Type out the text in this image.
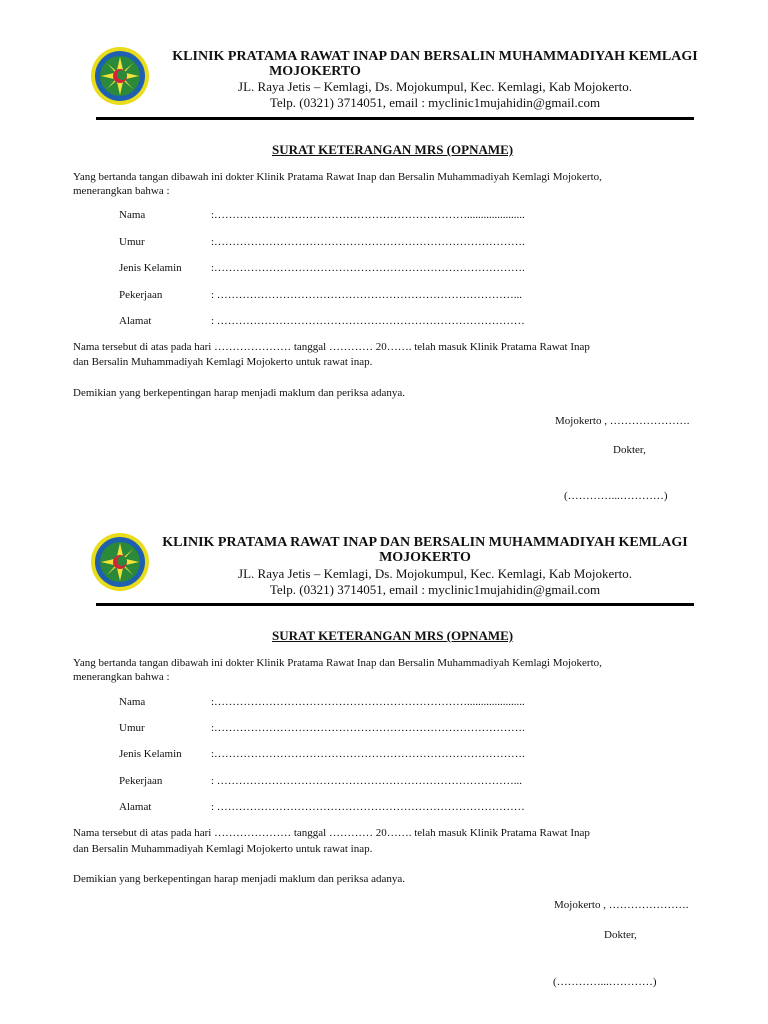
KLINIK PRATAMA RAWAT INAP DAN BERSALIN MUHAMMADIYAH KEMLAGI
MOJOKERTO
JL. Raya Jetis – Kemlagi, Ds. Mojokumpul, Kec. Kemlagi, Kab Mojokerto.
Telp. (0321) 3714051, email : myclinic1mujahidin@gmail.com
SURAT KETERANGAN MRS (OPNAME)
Yang bertanda tangan dibawah ini dokter Klinik Pratama Rawat Inap dan Bersalin Muhammadiyah Kemlagi Mojokerto,
menerangkan bahwa :
Nama	:…………………………………………………………….....................
Umur	:………………………………………………………………………….
Jenis Kelamin	:………………………………………………………………………….
Pekerjaan	: ………………………………………………………………………...
Alamat	: …………………………………………………………………………
Nama tersebut di atas pada hari ………………… tanggal ………… 20……. telah masuk Klinik Pratama Rawat Inap
dan Bersalin Muhammadiyah Kemlagi Mojokerto untuk rawat inap.
Demikian yang berkepentingan harap menjadi maklum dan periksa adanya.
Mojokerto , ………………….
Dokter,
(…………...…………)
KLINIK PRATAMA RAWAT INAP DAN BERSALIN MUHAMMADIYAH KEMLAGI
MOJOKERTO
JL. Raya Jetis – Kemlagi, Ds. Mojokumpul, Kec. Kemlagi, Kab Mojokerto.
Telp. (0321) 3714051, email : myclinic1mujahidin@gmail.com
SURAT KETERANGAN MRS (OPNAME)
Yang bertanda tangan dibawah ini dokter Klinik Pratama Rawat Inap dan Bersalin Muhammadiyah Kemlagi Mojokerto,
menerangkan bahwa :
Nama	:…………………………………………………………….....................
Umur	:………………………………………………………………………….
Jenis Kelamin	:………………………………………………………………………….
Pekerjaan	: ………………………………………………………………………...
Alamat	: …………………………………………………………………………
Nama tersebut di atas pada hari ………………… tanggal ………… 20……. telah masuk Klinik Pratama Rawat Inap
dan Bersalin Muhammadiyah Kemlagi Mojokerto untuk rawat inap.
Demikian yang berkepentingan harap menjadi maklum dan periksa adanya.
Mojokerto , ………………….
Dokter,
(…………...…………)
